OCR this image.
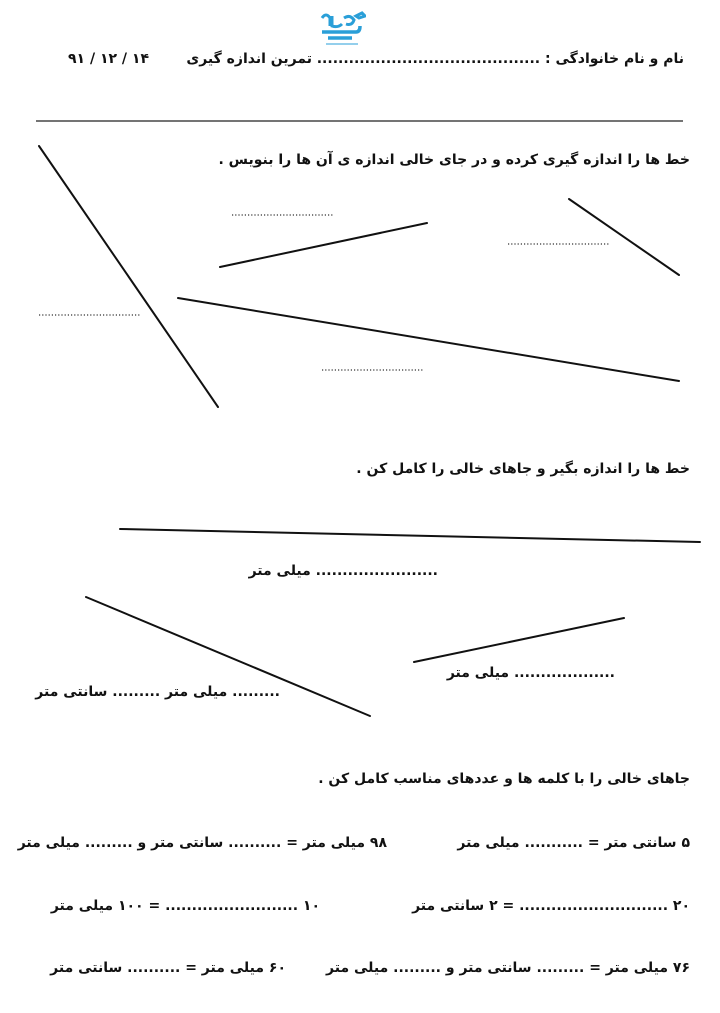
نام و نام خانوادگی : ..........................................
تمرین اندازه گیری
۹۱ / ۱۲ / ۱۴
خط ها را اندازه گیری کرده و در جای خالی اندازه ی آن ها را بنویس .
خط ها را اندازه بگیر و جاهای خالی را کامل کن .
....................... میلی متر
................... میلی متر
......... میلی متر ......... سانتی متر
جاهای خالی را با کلمه ها و عددهای مناسب کامل کن .
۵ سانتی متر = ........... میلی متر
۹۸ میلی متر = .......... سانتی متر و ......... میلی متر
۲۰ ............................ = ۲ سانتی متر
۱۰ ......................... = ۱۰۰ میلی متر
۷۶ میلی متر = ......... سانتی متر و ......... میلی متر
۶۰ میلی متر = .......... سانتی متر
